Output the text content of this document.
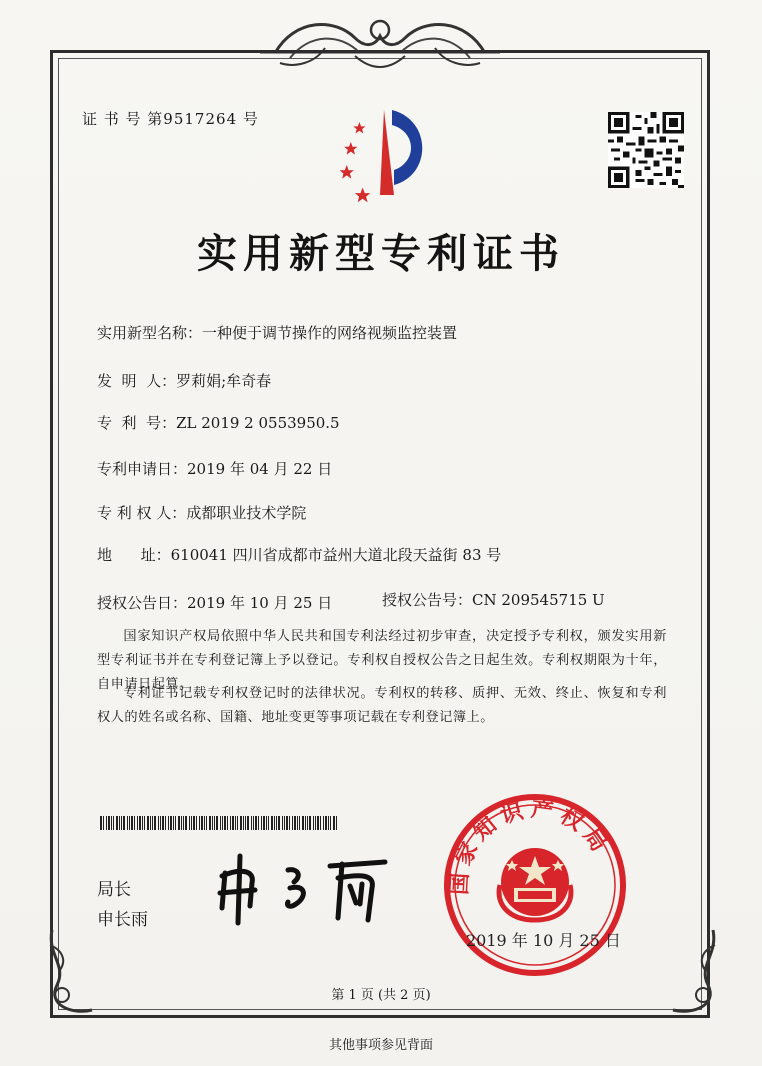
证 书 号 第9517264 号
实用新型专利证书
实用新型名称：一种便于调节操作的网络视频监控装置
发  明  人：罗莉娟;牟奇春
专  利  号：ZL 2019 2 0553950.5
专利申请日：2019 年 04 月 22 日
专 利 权 人：成都职业技术学院
地      址：610041 四川省成都市益州大道北段天益街 83 号
授权公告日：2019 年 10 月 25 日	授权公告号：CN 209545715 U

国家知识产权局依照中华人民共和国专利法经过初步审查，决定授予专利权，颁发实用新型专利证书并在专利登记簿上予以登记。专利权自授权公告之日起生效。专利权期限为十年，自申请日起算。

专利证书记载专利权登记时的法律状况。专利权的转移、质押、无效、终止、恢复和专利权人的姓名或名称、国籍、地址变更等事项记载在专利登记簿上。

局长
申长雨
国家知识产权局
2019 年 10 月 25 日
第 1 页 (共 2 页)
其他事项参见背面
